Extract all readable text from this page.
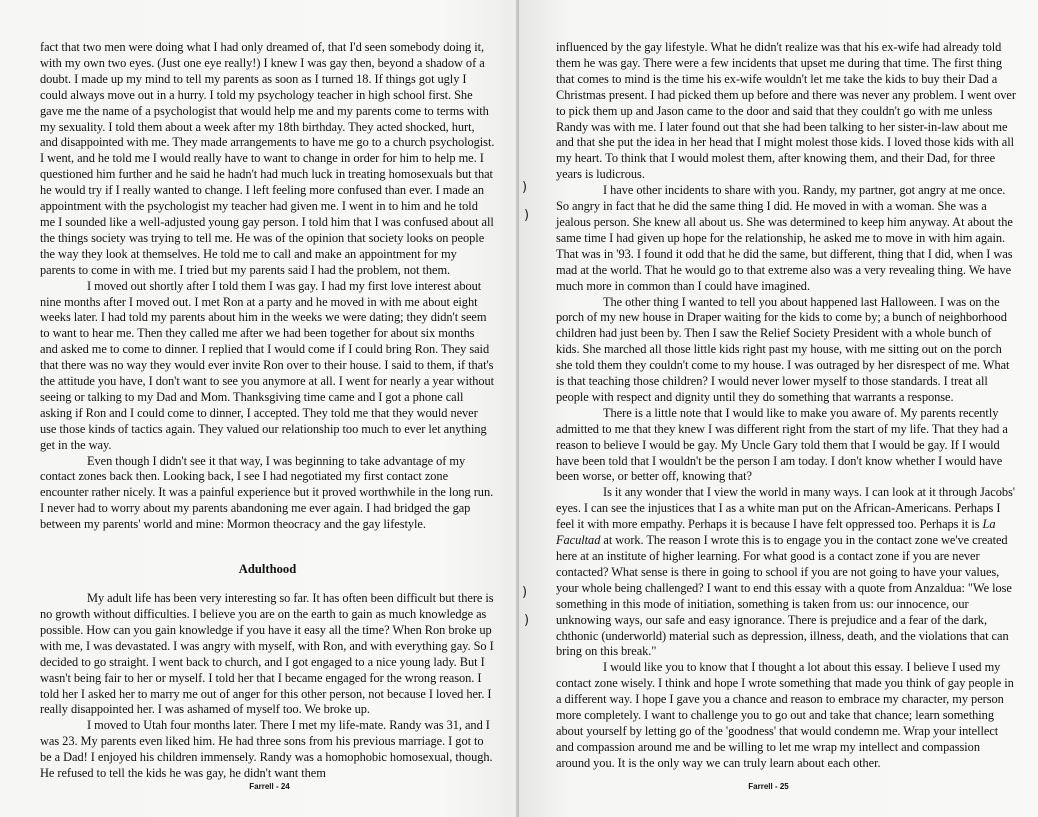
fact that two men were doing what I had only dreamed of, that I'd seen somebody doing it, with my own two eyes. (Just one eye really!) I knew I was gay then, beyond a shadow of a doubt. I made up my mind to tell my parents as soon as I turned 18. If things got ugly I could always move out in a hurry. I told my psychology teacher in high school first. She gave me the name of a psychologist that would help me and my parents come to terms with my sexuality. I told them about a week after my 18th birthday. They acted shocked, hurt, and disappointed with me. They made arrangements to have me go to a church psychologist. I went, and he told me I would really have to want to change in order for him to help me. I questioned him further and he said he hadn't had much luck in treating homosexuals but that he would try if I really wanted to change. I left feeling more confused than ever. I made an appointment with the psychologist my teacher had given me. I went in to him and he told me I sounded like a well-adjusted young gay person. I told him that I was confused about all the things society was trying to tell me. He was of the opinion that society looks on people the way they look at themselves. He told me to call and make an appointment for my parents to come in with me. I tried but my parents said I had the problem, not them.

I moved out shortly after I told them I was gay. I had my first love interest about nine months after I moved out. I met Ron at a party and he moved in with me about eight weeks later. I had told my parents about him in the weeks we were dating; they didn't seem to want to hear me. Then they called me after we had been together for about six months and asked me to come to dinner. I replied that I would come if I could bring Ron. They said that there was no way they would ever invite Ron over to their house. I said to them, if that's the attitude you have, I don't want to see you anymore at all. I went for nearly a year without seeing or talking to my Dad and Mom. Thanksgiving time came and I got a phone call asking if Ron and I could come to dinner, I accepted. They told me that they would never use those kinds of tactics again. They valued our relationship too much to ever let anything get in the way.

Even though I didn't see it that way, I was beginning to take advantage of my contact zones back then. Looking back, I see I had negotiated my first contact zone encounter rather nicely. It was a painful experience but it proved worthwhile in the long run. I never had to worry about my parents abandoning me ever again. I had bridged the gap between my parents' world and mine: Mormon theocracy and the gay lifestyle.

Adulthood

My adult life has been very interesting so far. It has often been difficult but there is no growth without difficulties. I believe you are on the earth to gain as much knowledge as possible. How can you gain knowledge if you have it easy all the time? When Ron broke up with me, I was devastated. I was angry with myself, with Ron, and with everything gay. So I decided to go straight. I went back to church, and I got engaged to a nice young lady. But I wasn't being fair to her or myself. I told her that I became engaged for the wrong reason. I told her I asked her to marry me out of anger for this other person, not because I loved her. I really disappointed her. I was ashamed of myself too. We broke up.

I moved to Utah four months later. There I met my life-mate. Randy was 31, and I was 23. My parents even liked him. He had three sons from his previous marriage. I got to be a Dad! I enjoyed his children immensely. Randy was a homophobic homosexual, though. He refused to tell the kids he was gay, he didn't want them

Farrell - 24

influenced by the gay lifestyle. What he didn't realize was that his ex-wife had already told them he was gay. There were a few incidents that upset me during that time. The first thing that comes to mind is the time his ex-wife wouldn't let me take the kids to buy their Dad a Christmas present. I had picked them up before and there was never any problem. I went over to pick them up and Jason came to the door and said that they couldn't go with me unless Randy was with me. I later found out that she had been talking to her sister-in-law about me and that she put the idea in her head that I might molest those kids. I loved those kids with all my heart. To think that I would molest them, after knowing them, and their Dad, for three years is ludicrous.

I have other incidents to share with you. Randy, my partner, got angry at me once. So angry in fact that he did the same thing I did. He moved in with a woman. She was a jealous person. She knew all about us. She was determined to keep him anyway. At about the same time I had given up hope for the relationship, he asked me to move in with him again. That was in '93. I found it odd that he did the same, but different, thing that I did, when I was mad at the world. That he would go to that extreme also was a very revealing thing. We have much more in common than I could have imagined.

The other thing I wanted to tell you about happened last Halloween. I was on the porch of my new house in Draper waiting for the kids to come by; a bunch of neighborhood children had just been by. Then I saw the Relief Society President with a whole bunch of kids. She marched all those little kids right past my house, with me sitting out on the porch she told them they couldn't come to my house. I was outraged by her disrespect of me. What is that teaching those children? I would never lower myself to those standards. I treat all people with respect and dignity until they do something that warrants a response.

There is a little note that I would like to make you aware of. My parents recently admitted to me that they knew I was different right from the start of my life. That they had a reason to believe I would be gay. My Uncle Gary told them that I would be gay. If I would have been told that I wouldn't be the person I am today. I don't know whether I would have been worse, or better off, knowing that?

Is it any wonder that I view the world in many ways. I can look at it through Jacobs' eyes. I can see the injustices that I as a white man put on the African-Americans. Perhaps I feel it with more empathy. Perhaps it is because I have felt oppressed too. Perhaps it is La Facultad at work. The reason I wrote this is to engage you in the contact zone we've created here at an institute of higher learning. For what good is a contact zone if you are never contacted? What sense is there in going to school if you are not going to have your values, your whole being challenged? I want to end this essay with a quote from Anzaldua: "We lose something in this mode of initiation, something is taken from us: our innocence, our unknowing ways, our safe and easy ignorance. There is prejudice and a fear of the dark, chthonic (underworld) material such as depression, illness, death, and the violations that can bring on this break."

I would like you to know that I thought a lot about this essay. I believe I used my contact zone wisely. I think and hope I wrote something that made you think of gay people in a different way. I hope I gave you a chance and reason to embrace my character, my person more completely. I want to challenge you to go out and take that chance; learn something about yourself by letting go of the 'goodness' that would condemn me. Wrap your intellect and compassion around me and be willing to let me wrap my intellect and compassion around you. It is the only way we can truly learn about each other.

Farrell - 25
)
)
)
)
